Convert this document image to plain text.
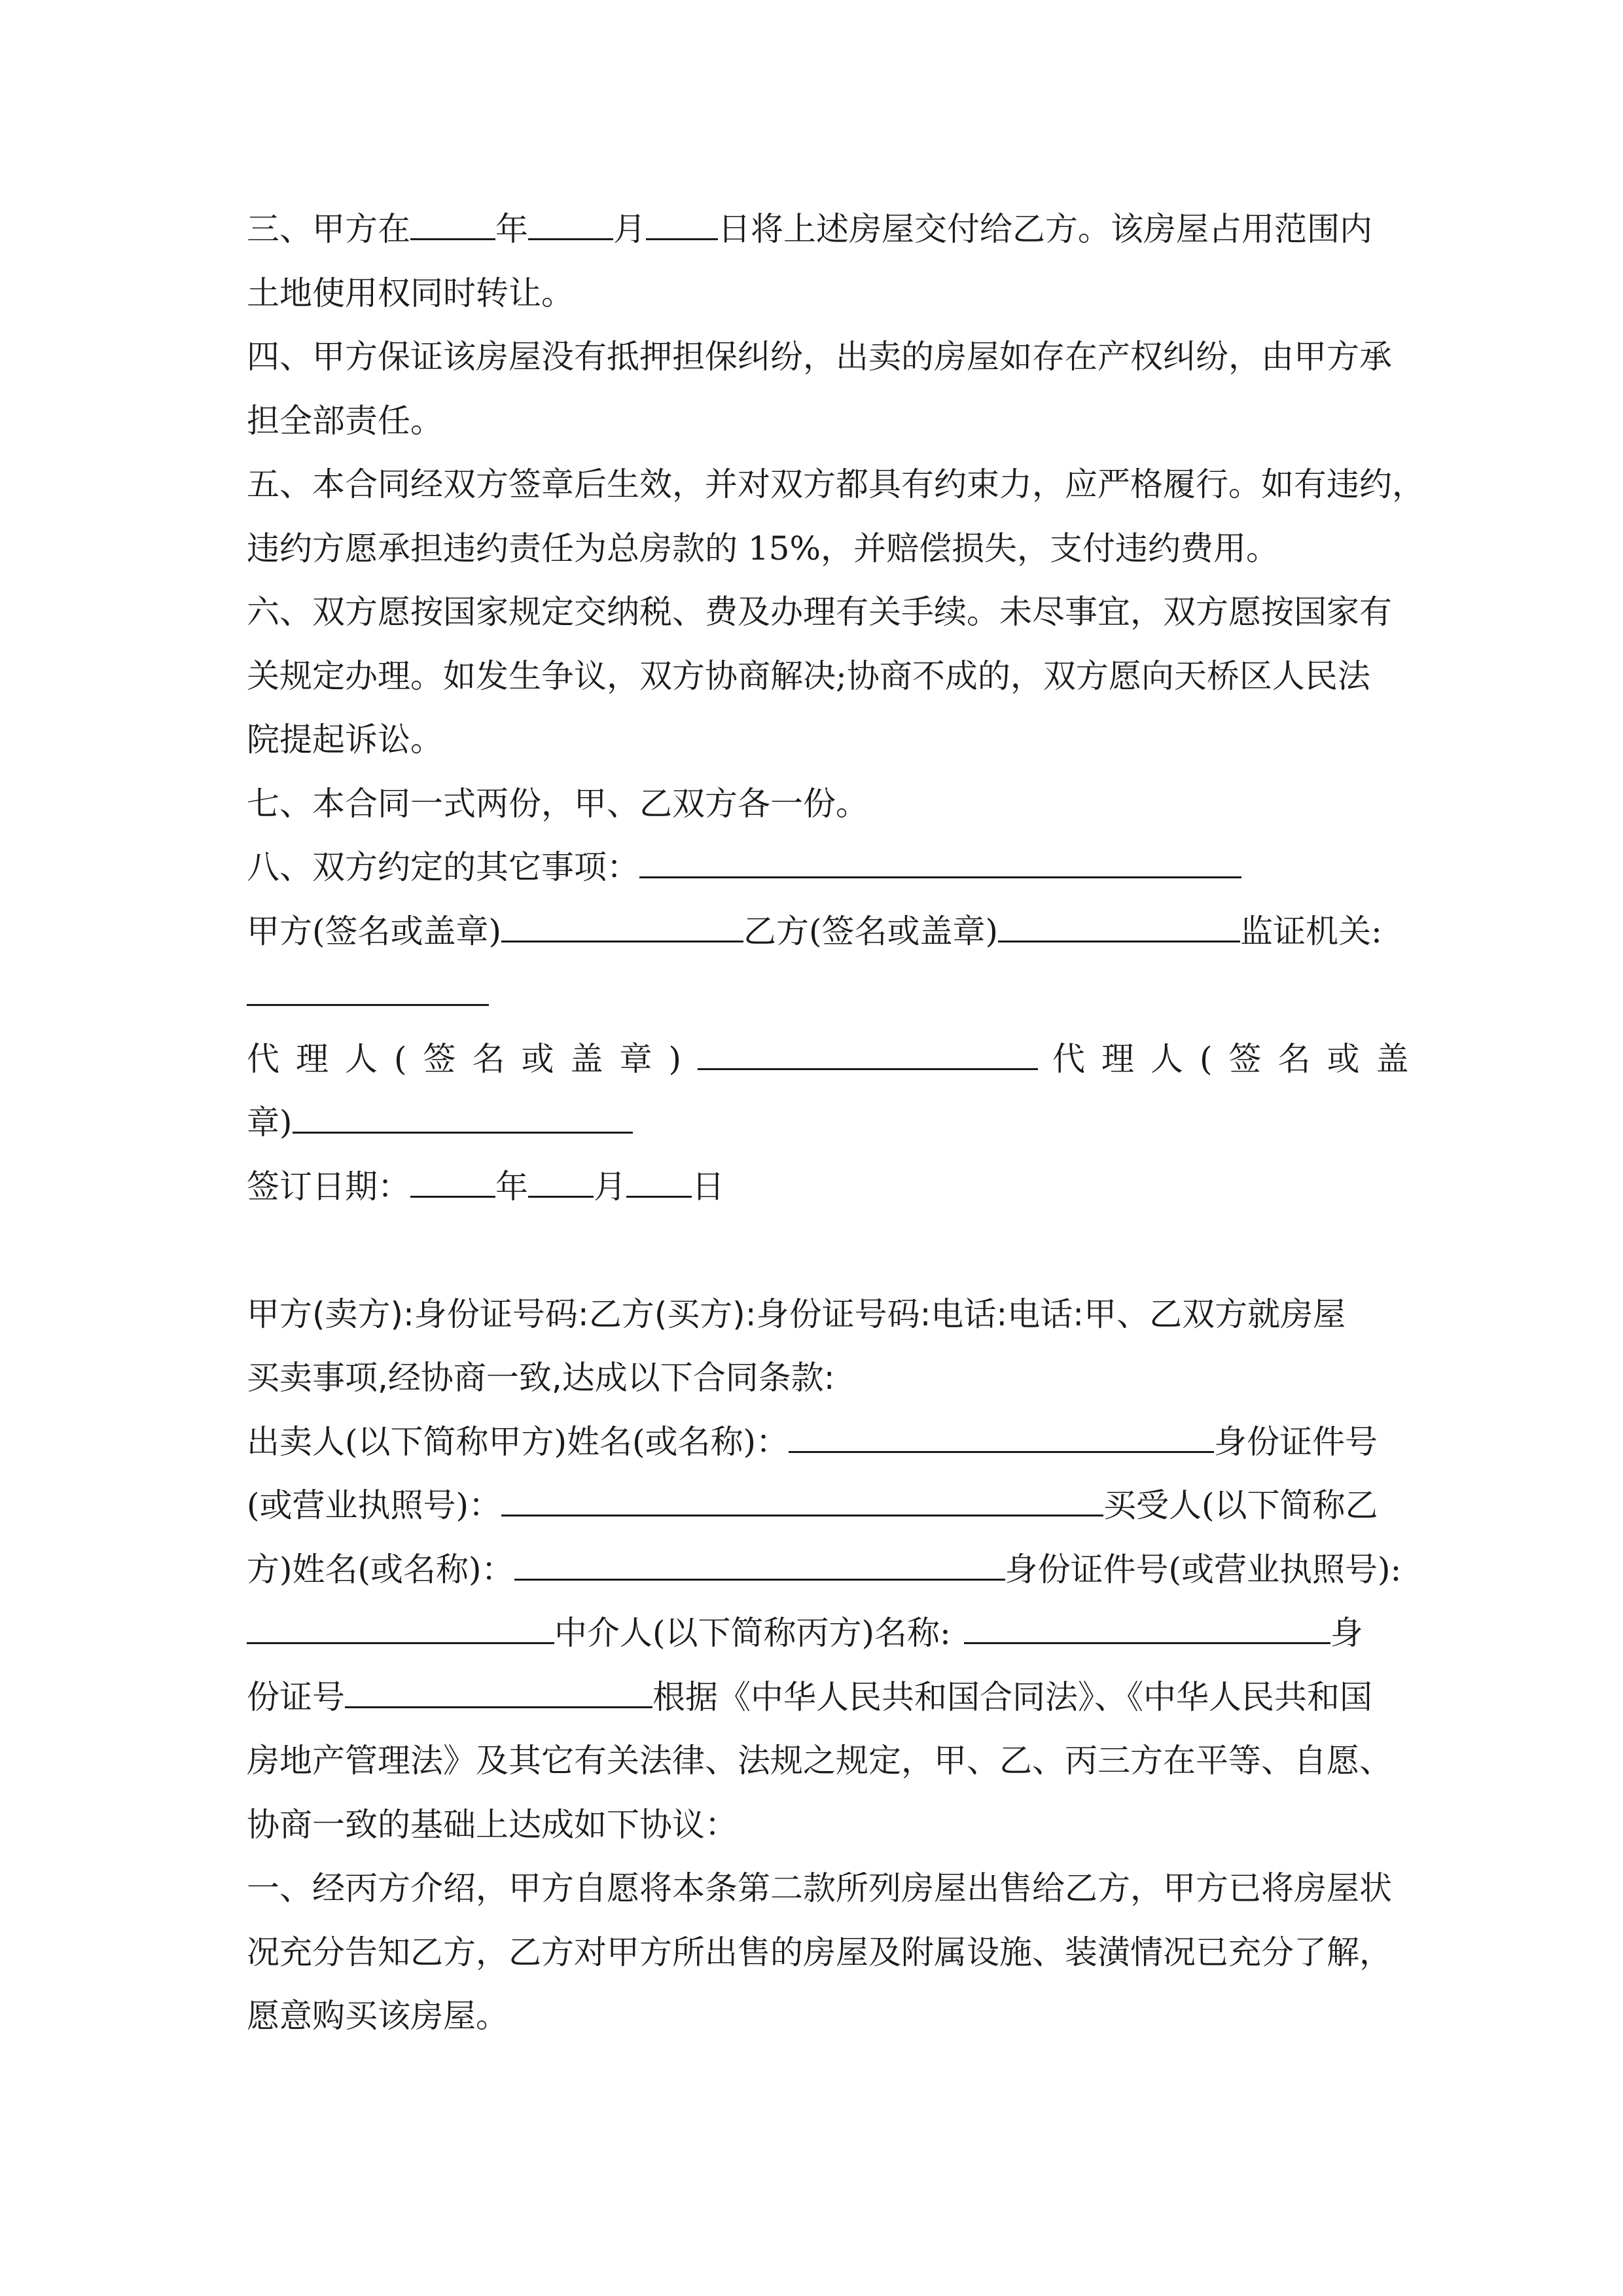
三、甲方在	年	月 日将上述房屋交付给乙方。该房屋占用范围内
土地使用权同时转让。
四、甲方保证该房屋没有抵押担保纠纷，出卖的房屋如存在产权纠纷，由甲方承
担全部责任。
五、本合同经双方签章后生效，并对双方都具有约束力，应严格履行。如有违约，
违约方愿承担违约责任为总房款的 15%，并赔偿损失，支付违约费用。
六、双方愿按国家规定交纳税、费及办理有关手续。未尽事宜，双方愿按国家有
关规定办理。如发生争议，双方协商解决;协商不成的，双方愿向天桥区人民法
院提起诉讼。
七、本合同一式两份，甲、乙双方各一份。
八、双方约定的其它事项：
甲方(签名或盖章)	乙方(签名或盖章)	监证机关:
代理人(签名或盖章)	代理人(签名或盖
章)
签订日期：	年 月 日
甲方(卖方):身份证号码:乙方(买方):身份证号码:电话:电话:甲、乙双方就房屋
买卖事项,经协商一致,达成以下合同条款:
出卖人(以下简称甲方)姓名(或名称)：	身份证件号
(或营业执照号)：	买受人(以下简称乙
方)姓名(或名称)：	身份证件号(或营业执照号):
中介人(以下简称丙方)名称:	身
份证号	根据《中华人民共和国合同法》、《中华人民共和国
房地产管理法》及其它有关法律、法规之规定，甲、乙、丙三方在平等、自愿、
协商一致的基础上达成如下协议：
一、经丙方介绍，甲方自愿将本条第二款所列房屋出售给乙方，甲方已将房屋状
况充分告知乙方，乙方对甲方所出售的房屋及附属设施、装潢情况已充分了解，
愿意购买该房屋。
